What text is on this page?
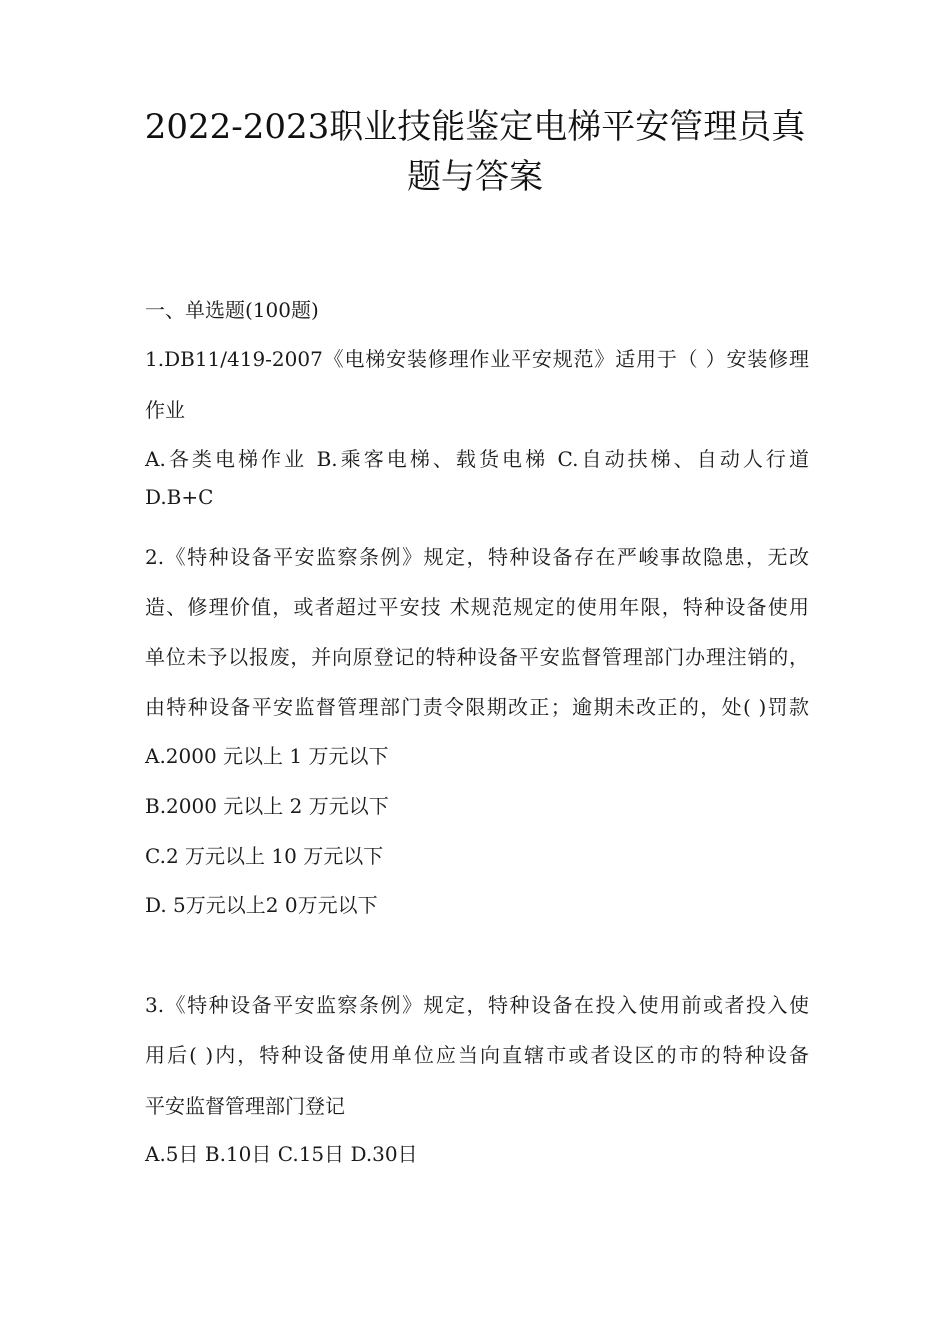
2022-2023职业技能鉴定电梯平安管理员真
题与答案
一、单选题(100题)
1.DB11/419-2007《电梯安装修理作业平安规范》适用于（ ）安装修理
作业
A.各类电梯作业 B.乘客电梯、载货电梯 C.自动扶梯、自动人行道
D.B+C
2.《特种设备平安监察条例》规定，特种设备存在严峻事故隐患，无改
造、修理价值，或者超过平安技 术规范规定的使用年限，特种设备使用
单位未予以报废，并向原登记的特种设备平安监督管理部门办理注销的，
由特种设备平安监督管理部门责令限期改正；逾期未改正的，处( )罚款
A.2000 元以上 1 万元以下
B.2000 元以上 2 万元以下
C.2 万元以上 10 万元以下
D. 5万元以上2 0万元以下
3.《特种设备平安监察条例》规定，特种设备在投入使用前或者投入使
用后( )内，特种设备使用单位应当向直辖市或者设区的市的特种设备
平安监督管理部门登记
A.5日 B.10日 C.15日 D.30日
